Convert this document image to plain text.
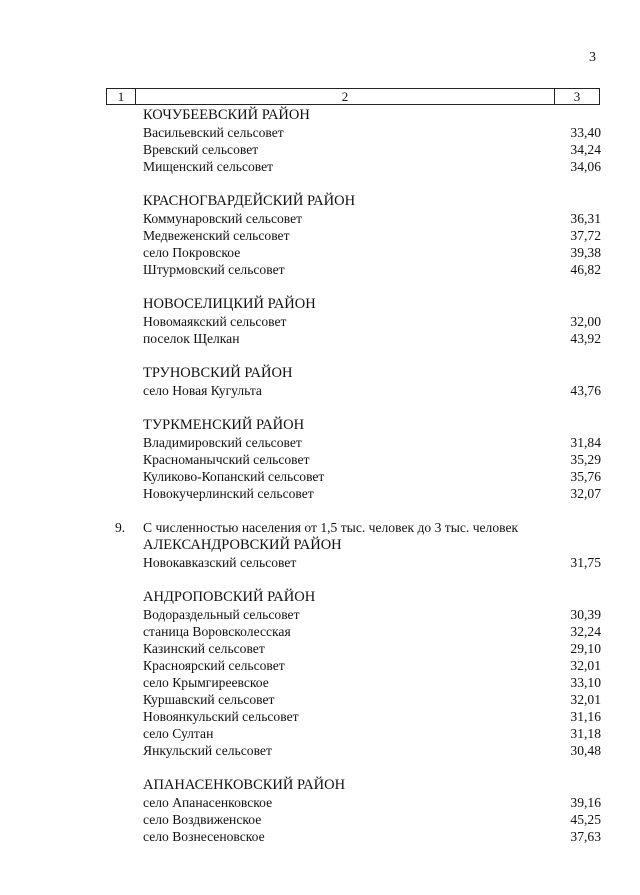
3
1	2	3
КОЧУБЕЕВСКИЙ РАЙОН
Васильевский сельсовет	33,40
Вревский сельсовет	34,24
Мищенский сельсовет	34,06
КРАСНОГВАРДЕЙСКИЙ РАЙОН
Коммунаровский сельсовет	36,31
Медвеженский сельсовет	37,72
село Покровское	39,38
Штурмовский сельсовет	46,82
НОВОСЕЛИЦКИЙ РАЙОН
Новомаякский сельсовет	32,00
поселок Щелкан	43,92
ТРУНОВСКИЙ РАЙОН
село Новая Кугульта	43,76
ТУРКМЕНСКИЙ РАЙОН
Владимировский сельсовет	31,84
Красноманычский сельсовет	35,29
Куликово-Копанский сельсовет	35,76
Новокучерлинский сельсовет	32,07
9. С численностью населения от 1,5 тыс. человек до 3 тыс. человек
АЛЕКСАНДРОВСКИЙ РАЙОН
Новокавказский сельсовет	31,75
АНДРОПОВСКИЙ РАЙОН
Водораздельный сельсовет	30,39
станица Воровсколесская	32,24
Казинский сельсовет	29,10
Красноярский сельсовет	32,01
село Крымгиреевское	33,10
Куршавский сельсовет	32,01
Новоянкульский сельсовет	31,16
село Султан	31,18
Янкульский сельсовет	30,48
АПАНАСЕНКОВСКИЙ РАЙОН
село Апанасенковское	39,16
село Воздвиженское	45,25
село Вознесеновское	37,63
